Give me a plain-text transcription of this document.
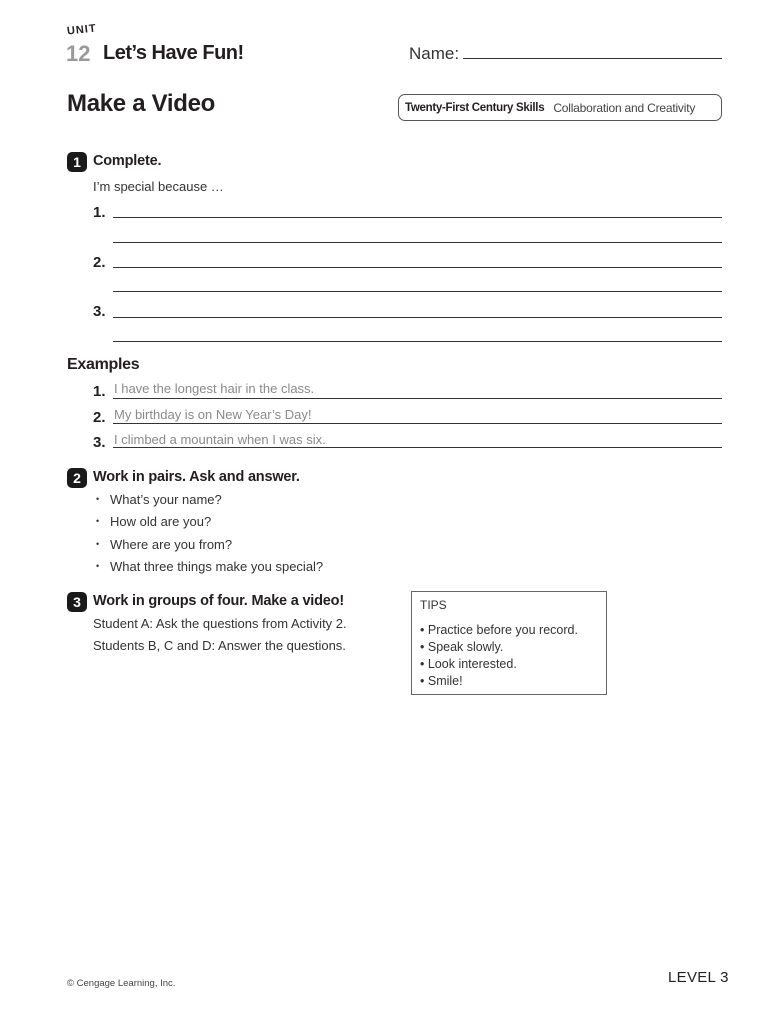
UNIT
12 Let’s Have Fun!	Name:
Make a Video	Twenty-First Century Skills Collaboration and Creativity
1 Complete.
I’m special because …
1.
2.
3.
Examples
1. I have the longest hair in the class.
2. My birthday is on New Year’s Day!
3. I climbed a mountain when I was six.
2 Work in pairs. Ask and answer.
• What’s your name?
• How old are you?
• Where are you from?
• What three things make you special?
3 Work in groups of four. Make a video!
Student A: Ask the questions from Activity 2.
Students B, C and D: Answer the questions.
TIPS
• Practice before you record.
• Speak slowly.
• Look interested.
• Smile!
© Cengage Learning, Inc.	LEVEL 3
